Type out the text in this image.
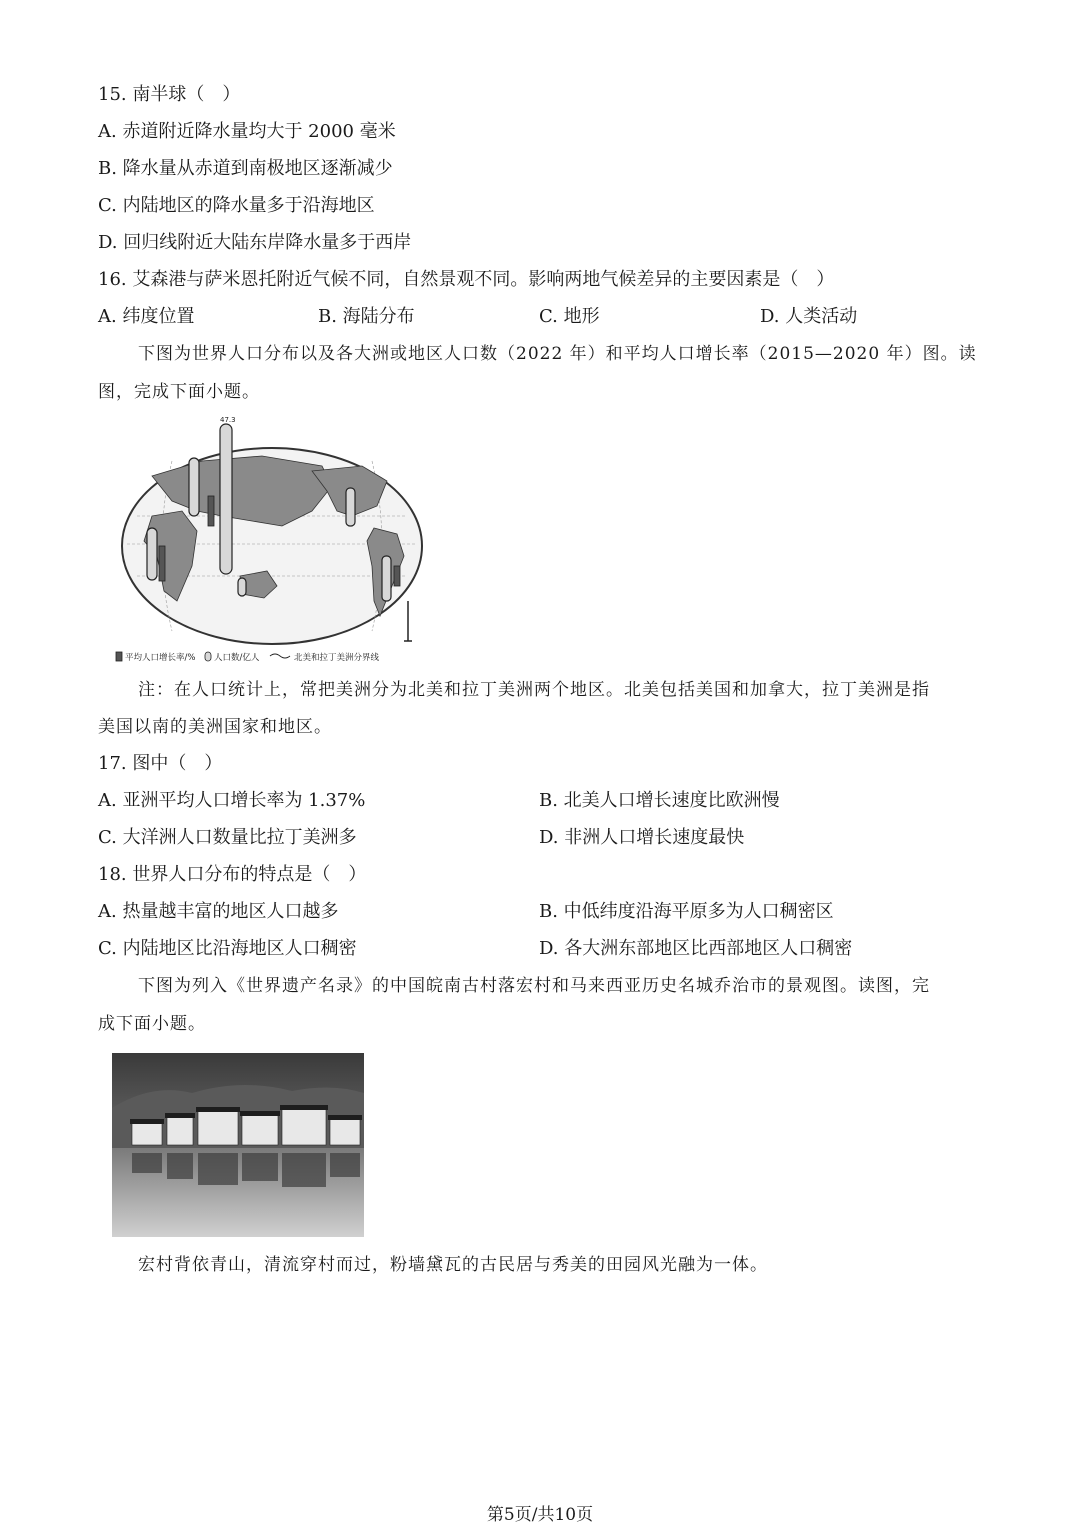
15. 南半球（　）
A. 赤道附近降水量均大于 2000 毫米
B. 降水量从赤道到南极地区逐渐减少
C. 内陆地区的降水量多于沿海地区
D. 回归线附近大陆东岸降水量多于西岸
16. 艾森港与萨米恩托附近气候不同，自然景观不同。影响两地气候差异的主要因素是（　）
A. 纬度位置	B. 海陆分布	C. 地形	D. 人类活动
下图为世界人口分布以及各大洲或地区人口数（2022 年）和平均人口增长率（2015—2020 年）图。读
图，完成下面小题。
47.3
平均人口增长率/% 人口数/亿人	北美和拉丁美洲分界线
注：在人口统计上，常把美洲分为北美和拉丁美洲两个地区。北美包括美国和加拿大，拉丁美洲是指
美国以南的美洲国家和地区。
17. 图中（　）
A. 亚洲平均人口增长率为 1.37%	B. 北美人口增长速度比欧洲慢
C. 大洋洲人口数量比拉丁美洲多	D. 非洲人口增长速度最快
18. 世界人口分布的特点是（　）
A. 热量越丰富的地区人口越多	B. 中低纬度沿海平原多为人口稠密区
C. 内陆地区比沿海地区人口稠密	D. 各大洲东部地区比西部地区人口稠密
下图为列入《世界遗产名录》的中国皖南古村落宏村和马来西亚历史名城乔治市的景观图。读图，完
成下面小题。
宏村背依青山，清流穿村而过，粉墙黛瓦的古民居与秀美的田园风光融为一体。
第5页/共10页
